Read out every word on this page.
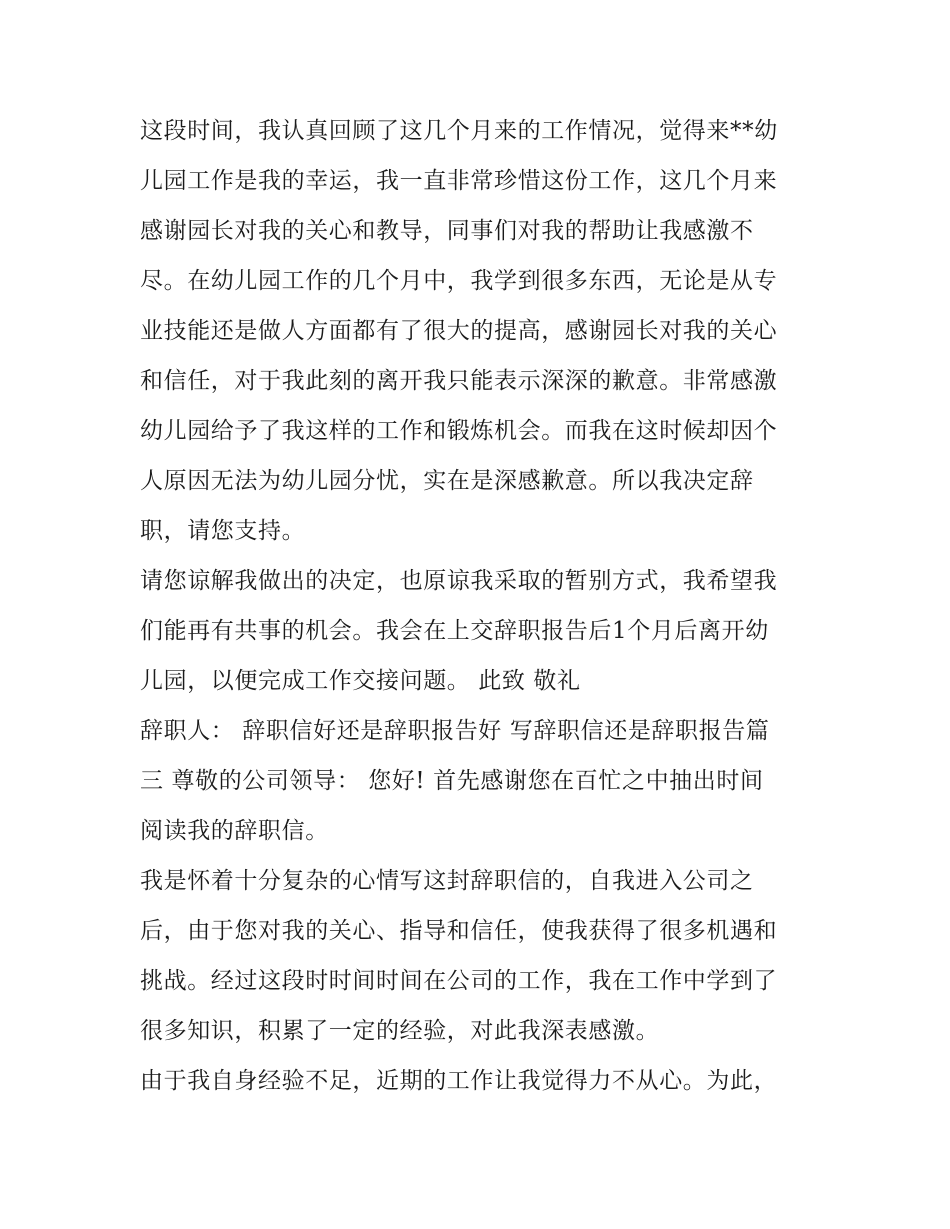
这段时间，我认真回顾了这几个月来的工作情况，觉得来**幼
儿园工作是我的幸运，我一直非常珍惜这份工作，这几个月来
感谢园长对我的关心和教导，同事们对我的帮助让我感激不
尽。在幼儿园工作的几个月中，我学到很多东西，无论是从专
业技能还是做人方面都有了很大的提高，感谢园长对我的关心
和信任，对于我此刻的离开我只能表示深深的歉意。非常感激
幼儿园给予了我这样的工作和锻炼机会。而我在这时候却因个
人原因无法为幼儿园分忧，实在是深感歉意。所以我决定辞
职，请您支持。
请您谅解我做出的决定，也原谅我采取的暂别方式，我希望我
们能再有共事的机会。我会在上交辞职报告后1个月后离开幼
儿园，以便完成工作交接问题。 此致 敬礼
辞职人： 辞职信好还是辞职报告好 写辞职信还是辞职报告篇
三 尊敬的公司领导： 您好! 首先感谢您在百忙之中抽出时间
阅读我的辞职信。
我是怀着十分复杂的心情写这封辞职信的，自我进入公司之
后，由于您对我的关心、指导和信任，使我获得了很多机遇和
挑战。经过这段时时间时间在公司的工作，我在工作中学到了
很多知识，积累了一定的经验，对此我深表感激。
由于我自身经验不足，近期的工作让我觉得力不从心。为此，
